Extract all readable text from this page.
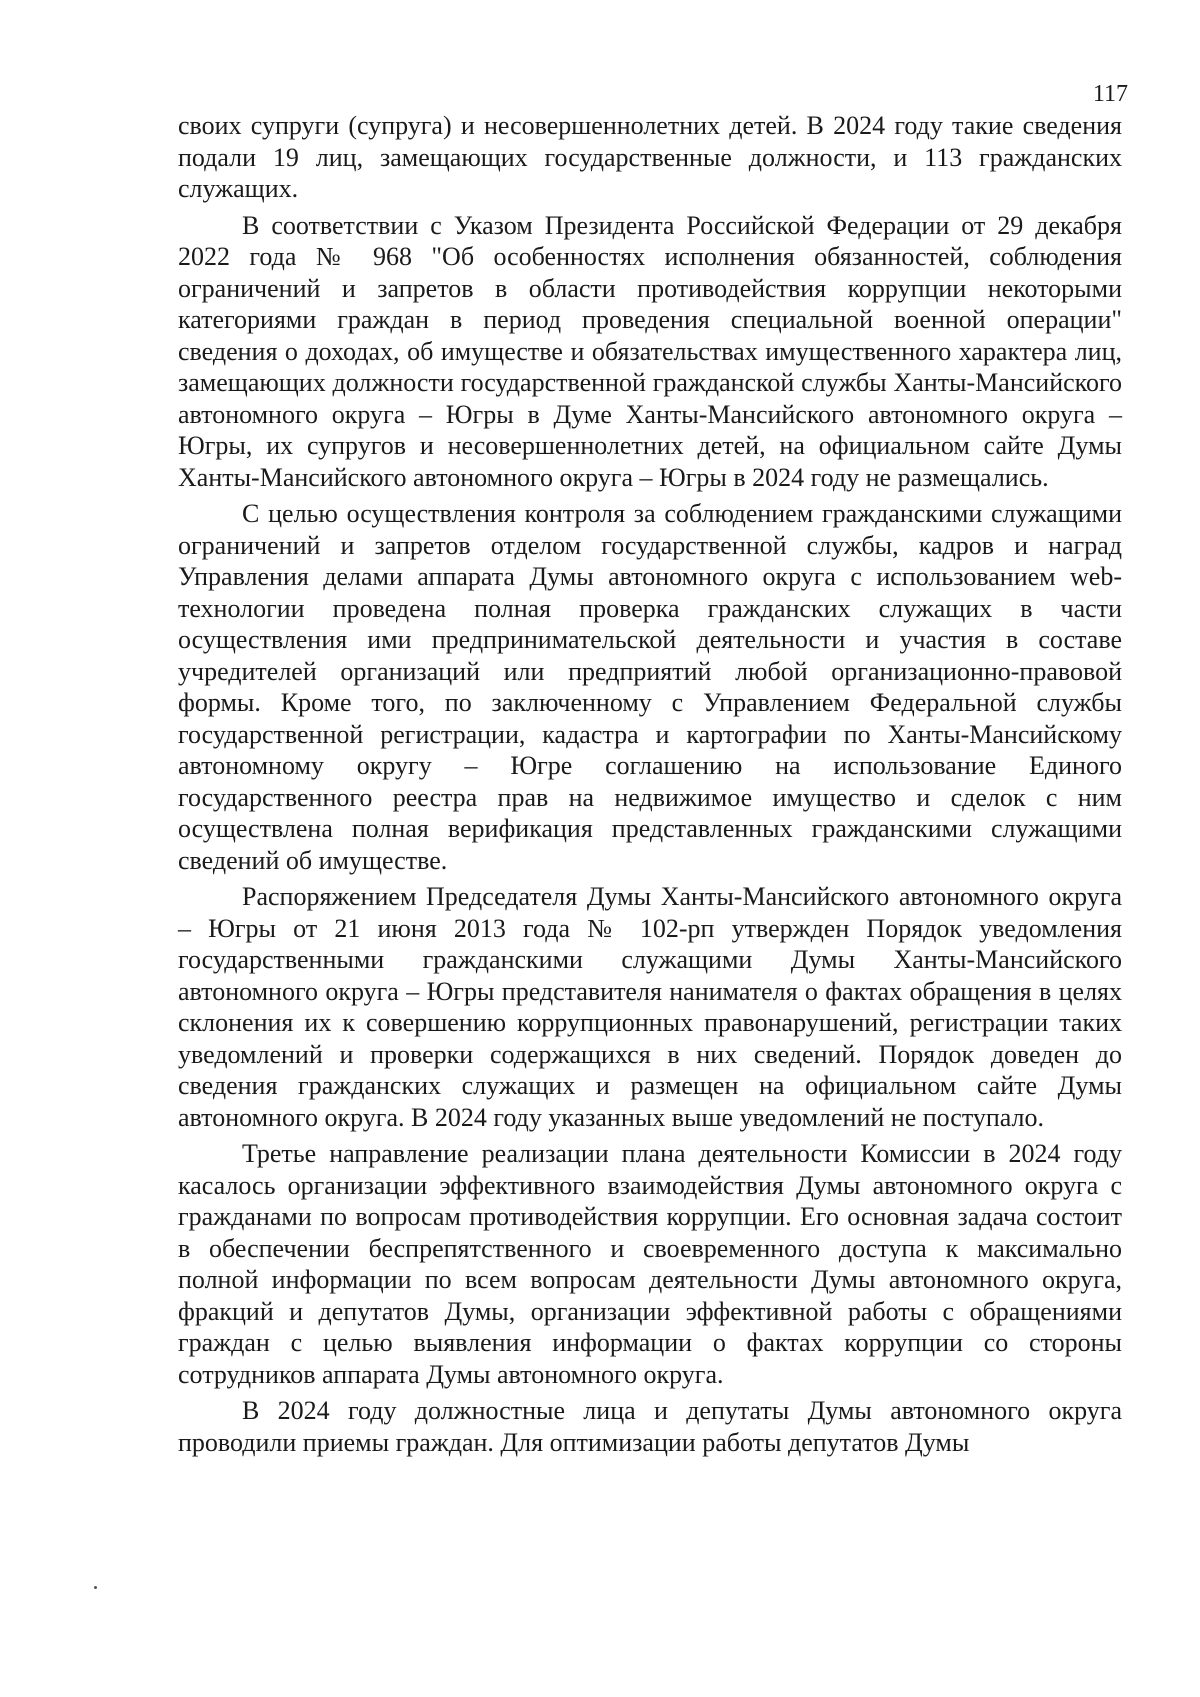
117

своих супруги (супруга) и несовершеннолетних детей. В 2024 году такие сведения подали 19 лиц, замещающих государственные должности, и 113 гражданских служащих.

В соответствии с Указом Президента Российской Федерации от 29 декабря 2022 года № 968 "Об особенностях исполнения обязанностей, соблюдения ограничений и запретов в области противодействия коррупции некоторыми категориями граждан в период проведения специальной военной операции" сведения о доходах, об имуществе и обязательствах имущественного характера лиц, замещающих должности государственной гражданской службы Ханты-Мансийского автономного округа – Югры в Думе Ханты-Мансийского автономного округа – Югры, их супругов и несовершеннолетних детей, на официальном сайте Думы Ханты-Мансийского автономного округа – Югры в 2024 году не размещались.

С целью осуществления контроля за соблюдением гражданскими служащими ограничений и запретов отделом государственной службы, кадров и наград Управления делами аппарата Думы автономного округа с использованием web-технологии проведена полная проверка гражданских служащих в части осуществления ими предпринимательской деятельности и участия в составе учредителей организаций или предприятий любой организационно-правовой формы. Кроме того, по заключенному с Управлением Федеральной службы государственной регистрации, кадастра и картографии по Ханты-Мансийскому автономному округу – Югре соглашению на использование Единого государственного реестра прав на недвижимое имущество и сделок с ним осуществлена полная верификация представленных гражданскими служащими сведений об имуществе.

Распоряжением Председателя Думы Ханты-Мансийского автономного округа – Югры от 21 июня 2013 года № 102-рп утвержден Порядок уведомления государственными гражданскими служащими Думы Ханты-Мансийского автономного округа – Югры представителя нанимателя о фактах обращения в целях склонения их к совершению коррупционных правонарушений, регистрации таких уведомлений и проверки содержащихся в них сведений. Порядок доведен до сведения гражданских служащих и размещен на официальном сайте Думы автономного округа. В 2024 году указанных выше уведомлений не поступало.

Третье направление реализации плана деятельности Комиссии в 2024 году касалось организации эффективного взаимодействия Думы автономного округа с гражданами по вопросам противодействия коррупции. Его основная задача состоит в обеспечении беспрепятственного и своевременного доступа к максимально полной информации по всем вопросам деятельности Думы автономного округа, фракций и депутатов Думы, организации эффективной работы с обращениями граждан с целью выявления информации о фактах коррупции со стороны сотрудников аппарата Думы автономного округа.

В 2024 году должностные лица и депутаты Думы автономного округа проводили приемы граждан. Для оптимизации работы депутатов Думы
